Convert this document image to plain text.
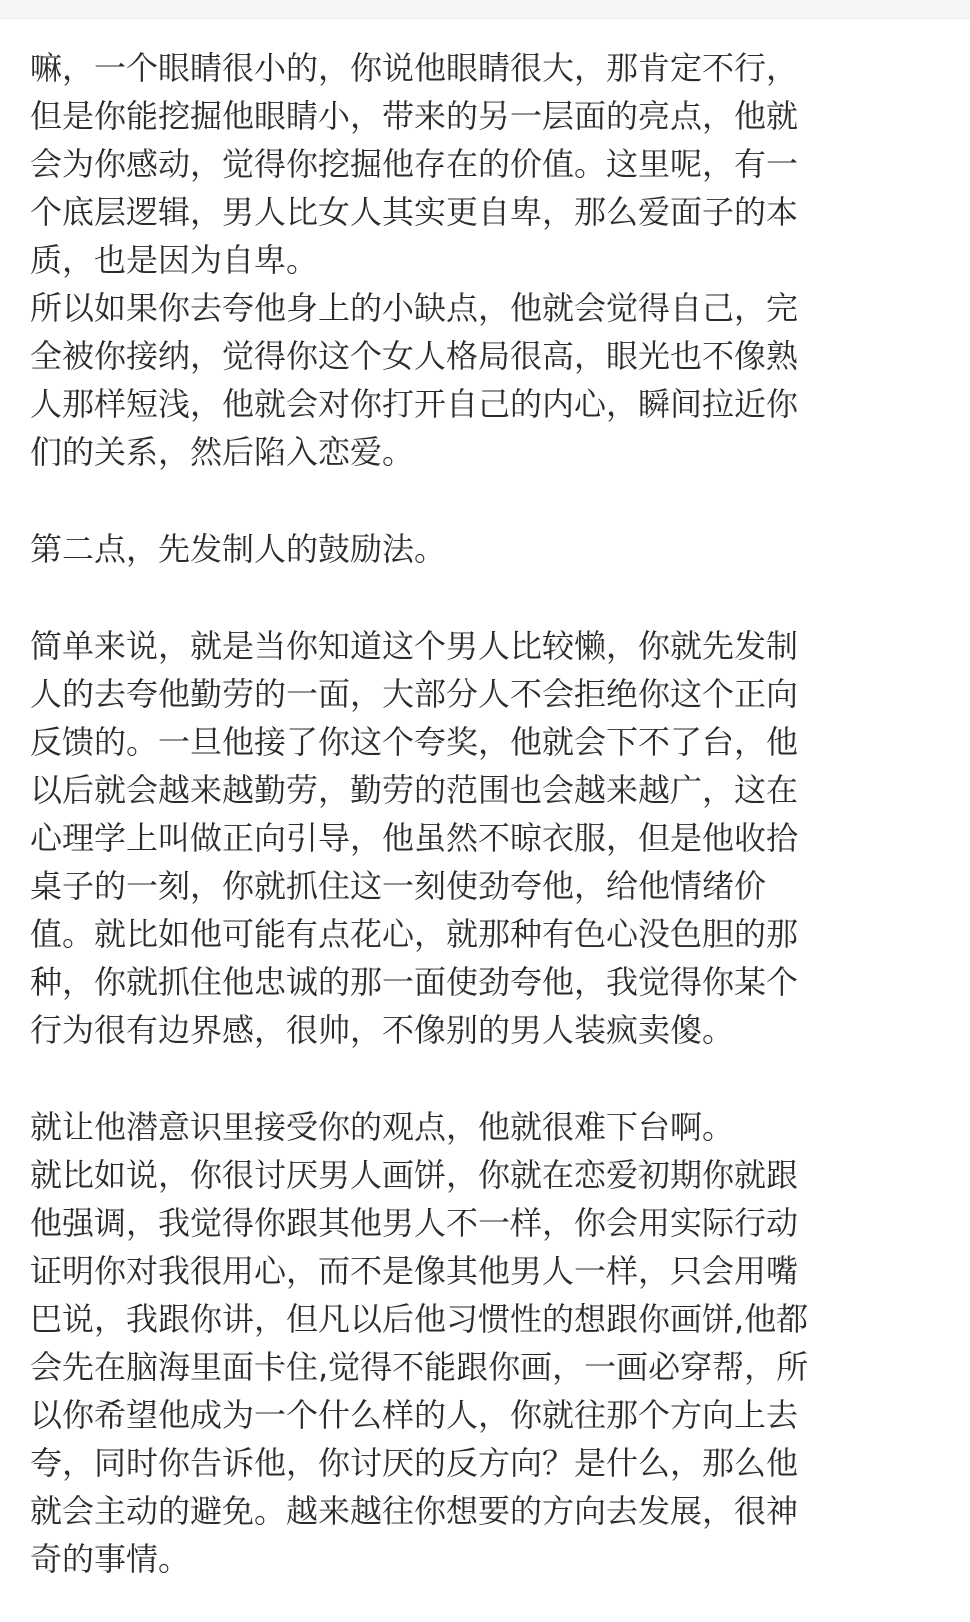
嘛，一个眼睛很小的，你说他眼睛很大，那肯定不行，
但是你能挖掘他眼睛小，带来的另一层面的亮点，他就
会为你感动，觉得你挖掘他存在的价值。这里呢，有一
个底层逻辑，男人比女人其实更自卑，那么爱面子的本
质，也是因为自卑。
所以如果你去夸他身上的小缺点，他就会觉得自己，完
全被你接纳，觉得你这个女人格局很高，眼光也不像熟
人那样短浅，他就会对你打开自己的内心，瞬间拉近你
们的关系，然后陷入恋爱。
第二点，先发制人的鼓励法。
简单来说，就是当你知道这个男人比较懒，你就先发制
人的去夸他勤劳的一面，大部分人不会拒绝你这个正向
反馈的。一旦他接了你这个夸奖，他就会下不了台，他
以后就会越来越勤劳，勤劳的范围也会越来越广，这在
心理学上叫做正向引导，他虽然不晾衣服，但是他收拾
桌子的一刻，你就抓住这一刻使劲夸他，给他情绪价
值。就比如他可能有点花心，就那种有色心没色胆的那
种，你就抓住他忠诚的那一面使劲夸他，我觉得你某个
行为很有边界感，很帅，不像别的男人装疯卖傻。
就让他潜意识里接受你的观点，他就很难下台啊。
就比如说，你很讨厌男人画饼，你就在恋爱初期你就跟
他强调，我觉得你跟其他男人不一样，你会用实际行动
证明你对我很用心，而不是像其他男人一样，只会用嘴
巴说，我跟你讲，但凡以后他习惯性的想跟你画饼,他都
会先在脑海里面卡住,觉得不能跟你画，一画必穿帮，所
以你希望他成为一个什么样的人，你就往那个方向上去
夸，同时你告诉他，你讨厌的反方向？是什么，那么他
就会主动的避免。越来越往你想要的方向去发展，很神
奇的事情。
